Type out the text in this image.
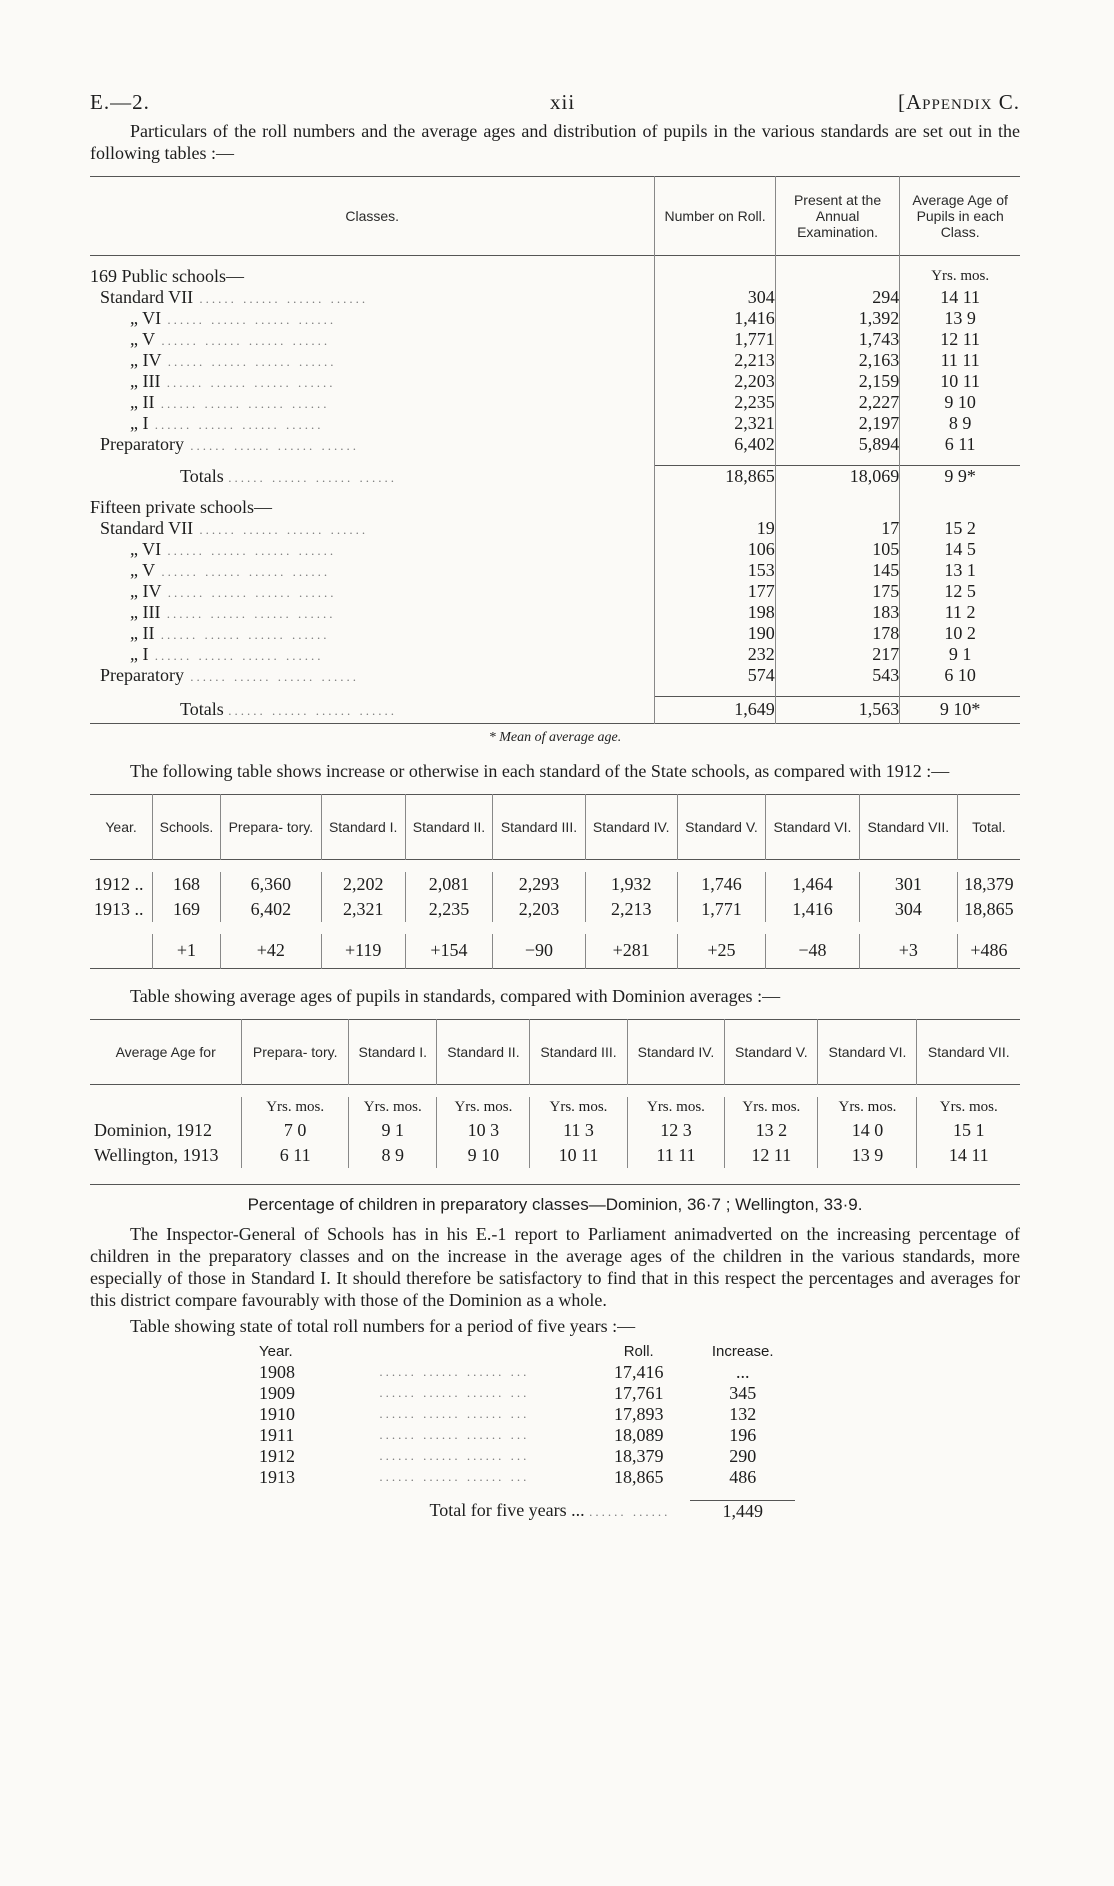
E.—2.	xii	[Appendix C.

Particulars of the roll numbers and the average ages and distribution of pupils in the various standards are set out in the following tables :—

Classes.	Number on Roll.	Present at the Annual Examination.	Average Age of Pupils in each Class.

169 Public schools—			Yrs. mos.
Standard VII ...... ...... ...... ......	304	294	14 11
„ VI ...... ...... ...... ......	1,416	1,392	13 9
„ V ...... ...... ...... ......	1,771	1,743	12 11
„ IV ...... ...... ...... ......	2,213	2,163	11 11
„ III ...... ...... ...... ......	2,203	2,159	10 11
„ II ...... ...... ...... ......	2,235	2,227	9 10
„ I ...... ...... ...... ......	2,321	2,197	8 9
Preparatory ...... ...... ...... ......	6,402	5,894	6 11

Totals ...... ...... ...... ......	18,865	18,069	9 9*

Fifteen private schools—			
Standard VII ...... ...... ...... ......	19	17	15 2
„ VI ...... ...... ...... ......	106	105	14 5
„ V ...... ...... ...... ......	153	145	13 1
„ IV ...... ...... ...... ......	177	175	12 5
„ III ...... ...... ...... ......	198	183	11 2
„ II ...... ...... ...... ......	190	178	10 2
„ I ...... ...... ...... ......	232	217	9 1
Preparatory ...... ...... ...... ......	574	543	6 10

Totals ...... ...... ...... ......	1,649	1,563	9 10*
* Mean of average age.

The following table shows increase or otherwise in each standard of the State schools, as compared with 1912 :—

Year.	Schools.	Prepara- tory.	Standard I.	Standard II.	Standard III.	Standard IV.	Standard V.	Standard VI.	Standard VII.	Total.

1912 ..	168	6,360	2,202	2,081	2,293	1,932	1,746	1,464	301	18,379
1913 ..	169	6,402	2,321	2,235	2,203	2,213	1,771	1,416	304	18,865

	+1	+42	+119	+154	−90	+281	+25	−48	+3	+486

Table showing average ages of pupils in standards, compared with Dominion averages :—

Average Age for	Prepara- tory.	Standard I.	Standard II.	Standard III.	Standard IV.	Standard V.	Standard VI.	Standard VII.

	Yrs. mos.	Yrs. mos.	Yrs. mos.	Yrs. mos.	Yrs. mos.	Yrs. mos.	Yrs. mos.	Yrs. mos.
Dominion, 1912	7 0	9 1	10 3	11 3	12 3	13 2	14 0	15 1
Wellington, 1913	6 11	8 9	9 10	10 11	11 11	12 11	13 9	14 11

Percentage of children in preparatory classes—Dominion, 36·7 ; Wellington, 33·9.

The Inspector-General of Schools has in his E.-1 report to Parliament animadverted on the increasing percentage of children in the preparatory classes and on the increase in the average ages of the children in the various standards, more especially of those in Standard I. It should therefore be satisfactory to find that in this respect the percentages and averages for this district compare favourably with those of the Dominion as a whole.

Table showing state of total roll numbers for a period of five years :—

Year.		Roll.	Increase.
1908	...... ...... ...... ...	17,416	...
1909	...... ...... ...... ...	17,761	345
1910	...... ...... ...... ...	17,893	132
1911	...... ...... ...... ...	18,089	196
1912	...... ...... ...... ...	18,379	290
1913	...... ...... ...... ...	18,865	486

	Total for five years ... ...... ......		1,449
